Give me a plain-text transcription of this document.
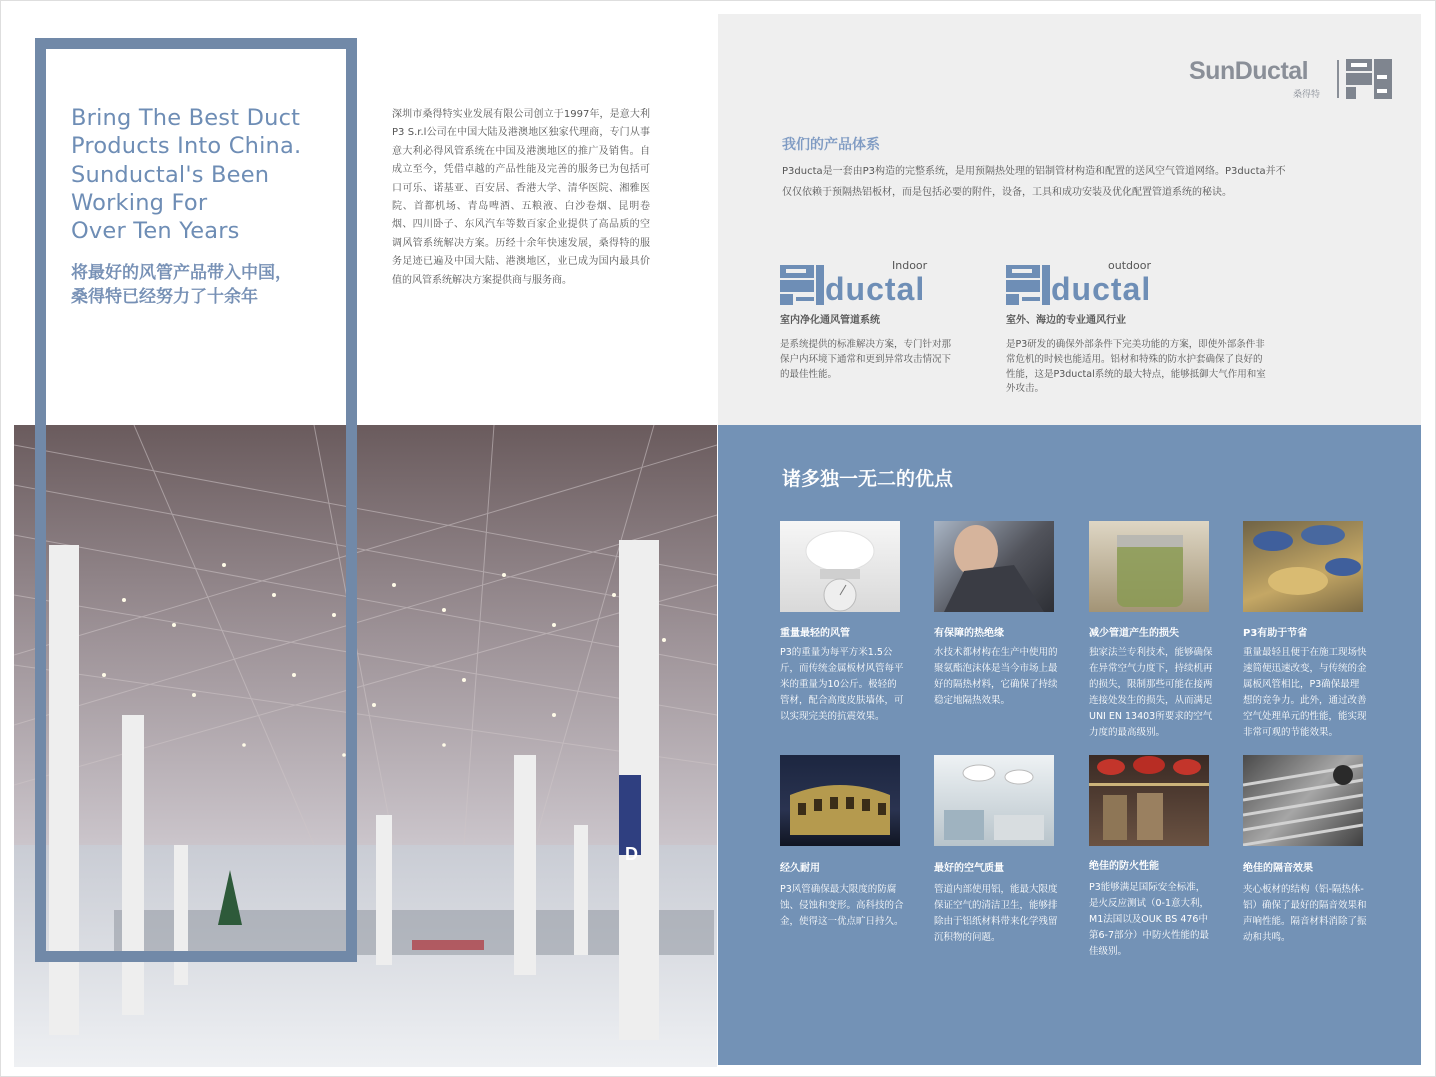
D
Bring The Best Duct
Products Into China.
Sunductal's Been
Working For
Over Ten Years
将最好的风管产品带入中国，
桑得特已经努力了十余年
深圳市桑得特实业发展有限公司创立于1997年，是意大利P3 S.r.l公司在中国大陆及港澳地区独家代理商，专门从事意大利必得风管系统在中国及港澳地区的推广及销售。自成立至今，凭借卓越的产品性能及完善的服务已为包括可口可乐、诺基亚、百安居、香港大学、清华医院、湘雅医院、首都机场、青岛啤酒、五粮液、白沙卷烟、昆明卷烟、四川卧子、东风汽车等数百家企业提供了高品质的空调风管系统解决方案。历经十余年快速发展，桑得特的服务足迹已遍及中国大陆、港澳地区，业已成为国内最具价值的风管系统解决方案提供商与服务商。
SunDuctal
桑得特
我们的产品体系
P3ducta是一套由P3构造的完整系统，是用预隔热处理的铝制管材构造和配置的送风空气管道网络。P3ducta并不仅仅依赖于预隔热铝板材，而是包括必要的附件，设备，工具和成功安装及优化配置管道系统的秘诀。
ductal
Indoor
室内净化通风管道系统
是系统提供的标准解决方案，专门针对那保户内环境下通常和更到异常攻击情况下的最佳性能。
ductal
outdoor
室外、海边的专业通风行业
是P3研发的确保外部条件下完美功能的方案，即使外部条件非常危机的时候也能适用。铝材和特殊的防水护套确保了良好的性能，这是P3ductal系统的最大特点，能够抵御大气作用和室外攻击。
诸多独一无二的优点
重量最轻的风管
P3的重量为每平方米1.5公斤，而传统金属板材风管每平米的重量为10公斤。极轻的管材，配合高度皮肤墙体，可以实现完美的抗震效果。
有保障的热绝缘
水技术都材构在生产中使用的聚氨酯泡沫体是当今市场上最好的隔热材料，它确保了持续稳定地隔热效果。
减少管道产生的损失
独家法兰专利技术，能够确保在异常空气力度下，持续机再的损失，限制那些可能在接两连接处发生的损失，从而满足UNI EN 13403所要求的空气力度的最高级别。
P3有助于节省
重量最轻且便于在施工现场快速简便迅速改变，与传统的金属板风管相比，P3确保最理想的竞争力。此外，通过改善空气处理单元的性能，能实现非常可观的节能效果。
经久耐用
P3风管确保最大限度的防腐蚀、侵蚀和变形。高科技的合金，使得这一优点旷日持久。
最好的空气质量
管道内部使用铝，能最大限度保证空气的清洁卫生，能够排除由于铝纸材料带来化学残留沉积物的问题。
绝佳的防火性能
P3能够满足国际安全标准，是火反应测试（0-1意大利，M1法国以及OUK BS 476中第6-7部分）中防火性能的最佳级别。
绝佳的隔音效果
夹心板材的结构（铝-隔热体-铝）确保了最好的隔音效果和声响性能。隔音材料消除了振动和共鸣。
